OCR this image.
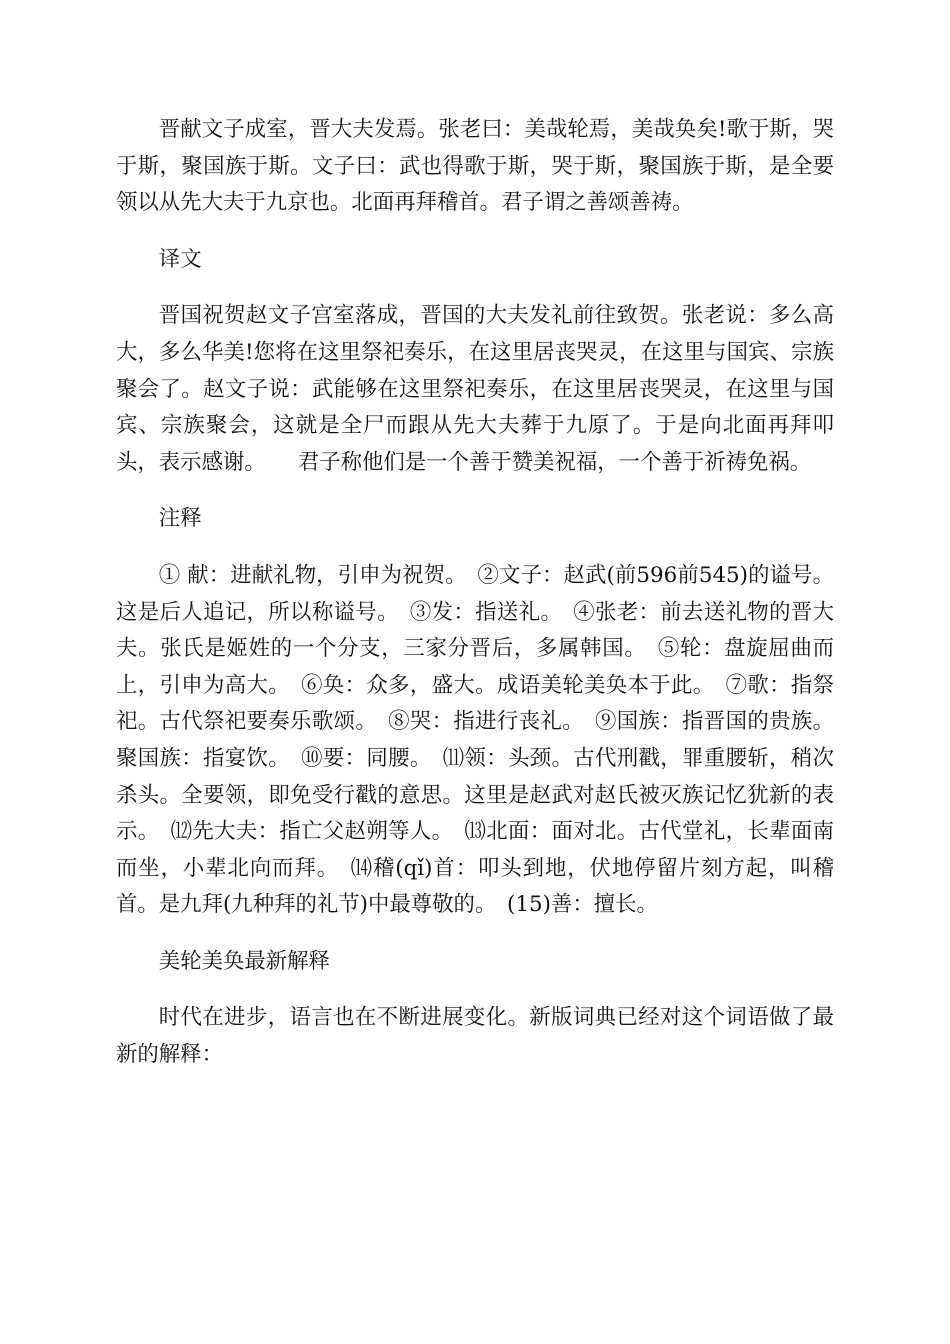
晋献文子成室，晋大夫发焉。张老曰：美哉轮焉，美哉奂矣!歌于斯，哭于斯，聚国族于斯。文子曰：武也得歌于斯，哭于斯，聚国族于斯，是全要领以从先大夫于九京也。北面再拜稽首。君子谓之善颂善祷。

译文

晋国祝贺赵文子宫室落成，晋国的大夫发礼前往致贺。张老说：多么高大，多么华美!您将在这里祭祀奏乐，在这里居丧哭灵，在这里与国宾、宗族聚会了。赵文子说：武能够在这里祭祀奏乐，在这里居丧哭灵，在这里与国宾、宗族聚会，这就是全尸而跟从先大夫葬于九原了。于是向北面再拜叩头，表示感谢。　　君子称他们是一个善于赞美祝福，一个善于祈祷免祸。

注释

① 献：进献礼物，引申为祝贺。　②文子：赵武(前596前545)的谥号。这是后人追记，所以称谥号。　③发：指送礼。　④张老：前去送礼物的晋大夫。张氏是姬姓的一个分支，三家分晋后，多属韩国。　⑤轮：盘旋屈曲而上，引申为高大。　⑥奂：众多，盛大。成语美轮美奂本于此。　⑦歌：指祭祀。古代祭祀要奏乐歌颂。　⑧哭：指进行丧礼。　⑨国族：指晋国的贵族。聚国族：指宴饮。　⑩要：同腰。　⑾领：头颈。古代刑戳，罪重腰斩，稍次杀头。全要领，即免受行戳的意思。这里是赵武对赵氏被灭族记忆犹新的表示。　⑿先大夫：指亡父赵朔等人。　⒀北面：面对北。古代堂礼，长辈面南而坐，小辈北向而拜。　⒁稽(qǐ)首：叩头到地，伏地停留片刻方起，叫稽首。是九拜(九种拜的礼节)中最尊敬的。　(15)善：擅长。

美轮美奂最新解释

时代在进步，语言也在不断进展变化。新版词典已经对这个词语做了最新的解释：
